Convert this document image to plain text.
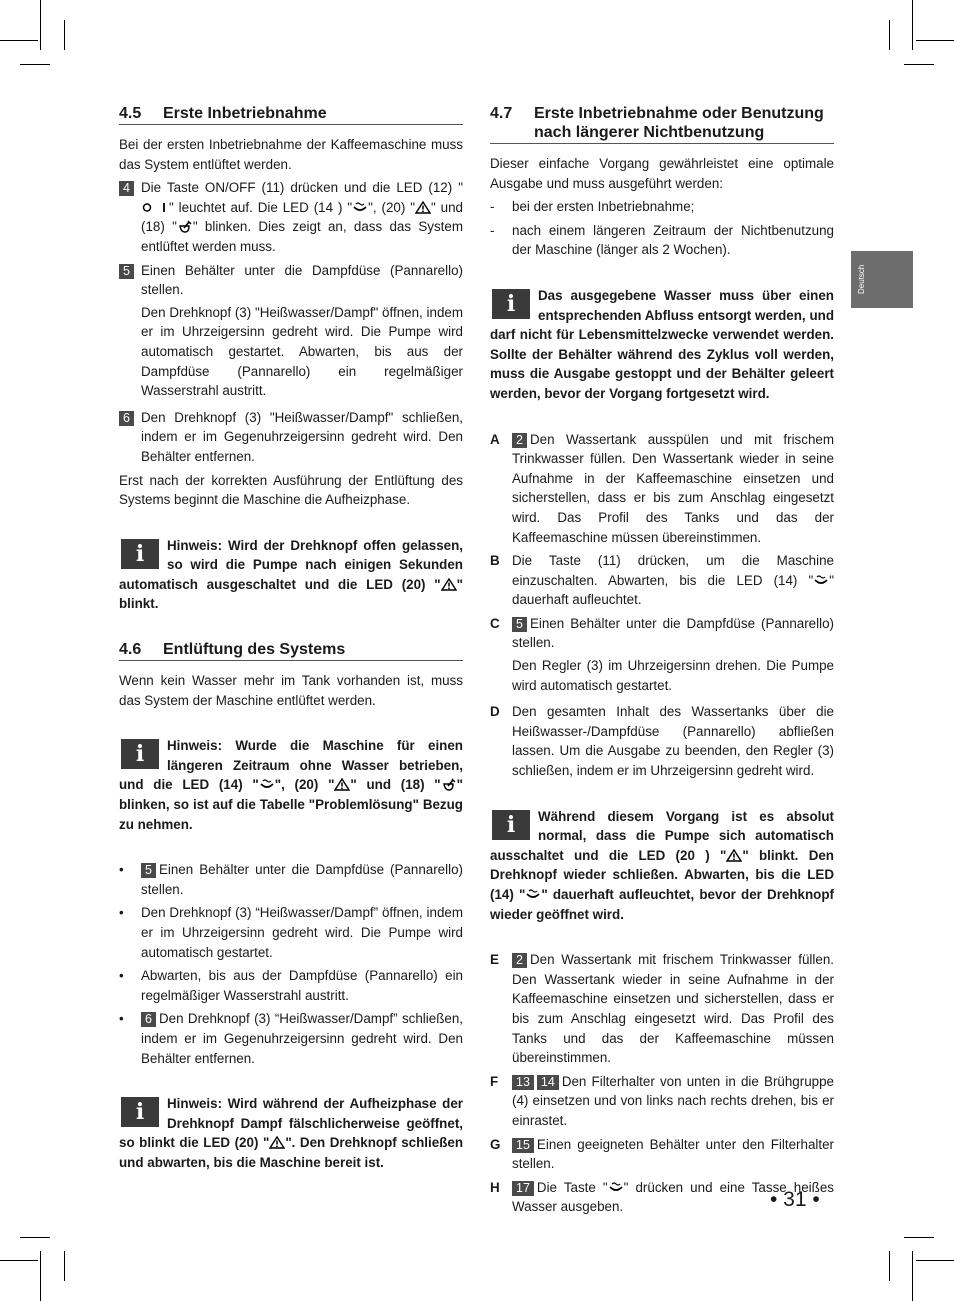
Deutsch
4.5	Erste Inbetriebnahme

Bei der ersten Inbetriebnahme der Kaffeemaschine muss das System entlüftet werden.

4 Die Taste ON/OFF (11) drücken und die LED (12) "" leuchtet auf. Die LED (14 ) " ", (20) " " und (18) " " blinken. Dies zeigt an, dass das System entlüftet werden muss.
5 Einen Behälter unter die Dampfdüse (Pannarello) stellen.

Den Drehknopf (3) "Heißwasser/Dampf" öffnen, indem er im Uhrzeigersinn gedreht wird. Die Pumpe wird automatisch gestartet. Abwarten, bis aus der Dampfdüse (Pannarello) ein regelmäßiger Wasserstrahl austritt.

6 Den Drehknopf (3) "Heißwasser/Dampf" schließen, indem er im Gegenuhrzeigersinn gedreht wird. Den Behälter entfernen.

Erst nach der korrekten Ausführung der Entlüftung des Systems beginnt die Maschine die Aufheizphase.

i	Hinweis: Wird der Drehknopf offen gelassen, so wird die Pumpe nach einigen Sekunden automatisch ausgeschaltet und die LED (20) " " blinkt.
4.6	Entlüftung des Systems

Wenn kein Wasser mehr im Tank vorhanden ist, muss das System der Maschine entlüftet werden.

i	Hinweis: Wurde die Maschine für einen längeren Zeitraum ohne Wasser betrieben, und die LED (14) " ", (20) " " und (18) " " blinken, so ist auf die Tabelle "Problemlösung" Bezug zu nehmen.
•	5 Einen Behälter unter die Dampfdüse (Pannarello) stellen.
•	Den Drehknopf (3) “Heißwasser/Dampf” öffnen, indem er im Uhrzeigersinn gedreht wird. Die Pumpe wird automatisch gestartet.
•	Abwarten, bis aus der Dampfdüse (Pannarello) ein regelmäßiger Wasserstrahl austritt.
•	6 Den Drehknopf (3) “Heißwasser/Dampf” schließen, indem er im Gegenuhrzeigersinn gedreht wird. Den Behälter entfernen.
i	Hinweis: Wird während der Aufheizphase der Drehknopf Dampf fälschlicherweise geöffnet, so blinkt die LED (20) " ". Den Drehknopf schließen und abwarten, bis die Maschine bereit ist.
4.7	Erste Inbetriebnahme oder Benutzung nach längerer Nichtbenutzung

Dieser einfache Vorgang gewährleistet eine optimale Ausgabe und muss ausgeführt werden:

-	bei der ersten Inbetriebnahme;
-	nach einem längeren Zeitraum der Nichtbenutzung der Maschine (länger als 2 Wochen).
i	Das ausgegebene Wasser muss über einen entsprechenden Abfluss entsorgt werden, und darf nicht für Lebensmittelzwecke verwendet werden. Sollte der Behälter während des Zyklus voll werden, muss die Ausgabe gestoppt und der Behälter geleert werden, bevor der Vorgang fortgesetzt wird.
A	2 Den Wassertank ausspülen und mit frischem Trinkwasser füllen. Den Wassertank wieder in seine Aufnahme in der Kaffeemaschine einsetzen und sicherstellen, dass er bis zum Anschlag eingesetzt wird. Das Profil des Tanks und das der Kaffeemaschine müssen übereinstimmen.
B Die Taste (11) drücken, um die Maschine einzuschalten. Abwarten, bis die LED (14) " " dauerhaft aufleuchtet.
C	5 Einen Behälter unter die Dampfdüse (Pannarello) stellen.

Den Regler (3) im Uhrzeigersinn drehen. Die Pumpe wird automatisch gestartet.

D Den gesamten Inhalt des Wassertanks über die Heißwasser-/Dampfdüse (Pannarello) abfließen lassen. Um die Ausgabe zu beenden, den Regler (3) schließen, indem er im Uhrzeigersinn gedreht wird.
i	Während diesem Vorgang ist es absolut normal, dass die Pumpe sich automatisch ausschaltet und die LED (20 ) " " blinkt. Den Drehknopf wieder schließen. Abwarten, bis die LED (14) " " dauerhaft aufleuchtet, bevor der Drehknopf wieder geöffnet wird.
E	2 Den Wassertank mit frischem Trinkwasser füllen. Den Wassertank wieder in seine Aufnahme in der Kaffeemaschine einsetzen und sicherstellen, dass er bis zum Anschlag eingesetzt wird. Das Profil des Tanks und das der Kaffeemaschine müssen übereinstimmen.
F	13 14 Den Filterhalter von unten in die Brühgruppe (4) einsetzen und von links nach rechts drehen, bis er einrastet.
G	15 Einen geeigneten Behälter unter den Filterhalter stellen.
H	17 Die Taste " " drücken und eine Tasse heißes Wasser ausgeben.	• 31 •
